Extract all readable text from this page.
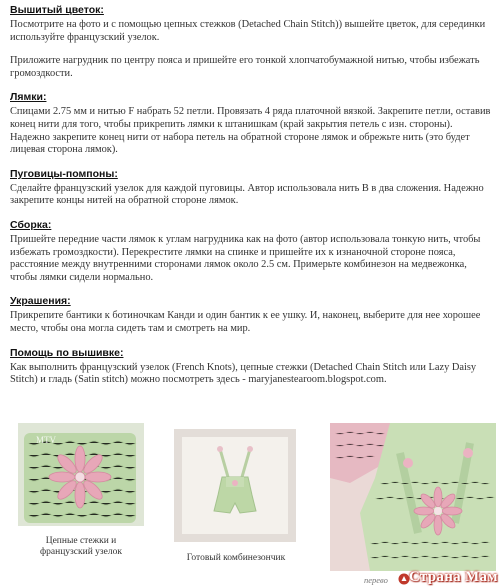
Вышитый цветок:

Посмотрите на фото и с помощью цепных стежков (Detached Chain Stitch)) вышейте цветок, для серединки используйте французский узелок.

Приложите нагрудник по центру пояса и пришейте его тонкой хлопчатобумажной нитью, чтобы избежать громоздкости.

Лямки:

Спицами 2.75 мм и нитью F набрать 52 петли. Провязать 4 ряда платочной вязкой. Закрепите петли, оставив конец нити для того, чтобы прикрепить лямки к штанишкам (край закрытия петель с изн. стороны). Надежно закрепите конец нити от набора петель на обратной стороне лямок и обрежьте нить (это будет лицевая сторона лямок).

Пуговицы-помпоны:

Сделайте французский узелок для каждой пуговицы. Автор использовала нить B в два сложения. Надежно закрепите концы нитей на обратной стороне лямок.

Сборка:

Пришейте передние части лямок к углам нагрудника как на фото (автор использовала тонкую нить, чтобы избежать громоздкости). Перекрестите лямки на спинке и пришейте их к изнаночной стороне пояса, расстояние между внутренними сторонами лямок около 2.5 см. Примерьте комбинезон на медвежонка, чтобы лямки сидели нормально.

Украшения:

Прикрепите бантики к ботиночкам Канди и один бантик к ее ушку. И, наконец, выберите для нее хорошее место, чтобы она могла сидеть там и смотреть на мир.

Помощь по вышивке:

Как выполнить французский узелок (French Knots), цепные стежки (Detached Chain Stitch или Lazy Daisy Stitch) и гладь (Satin stitch) можно посмотреть здесь - maryjanestearoom.blogspot.com.

MTV
Цепные стежки и французский узелок
Готовый комбинезончик
перево Страна Мам
